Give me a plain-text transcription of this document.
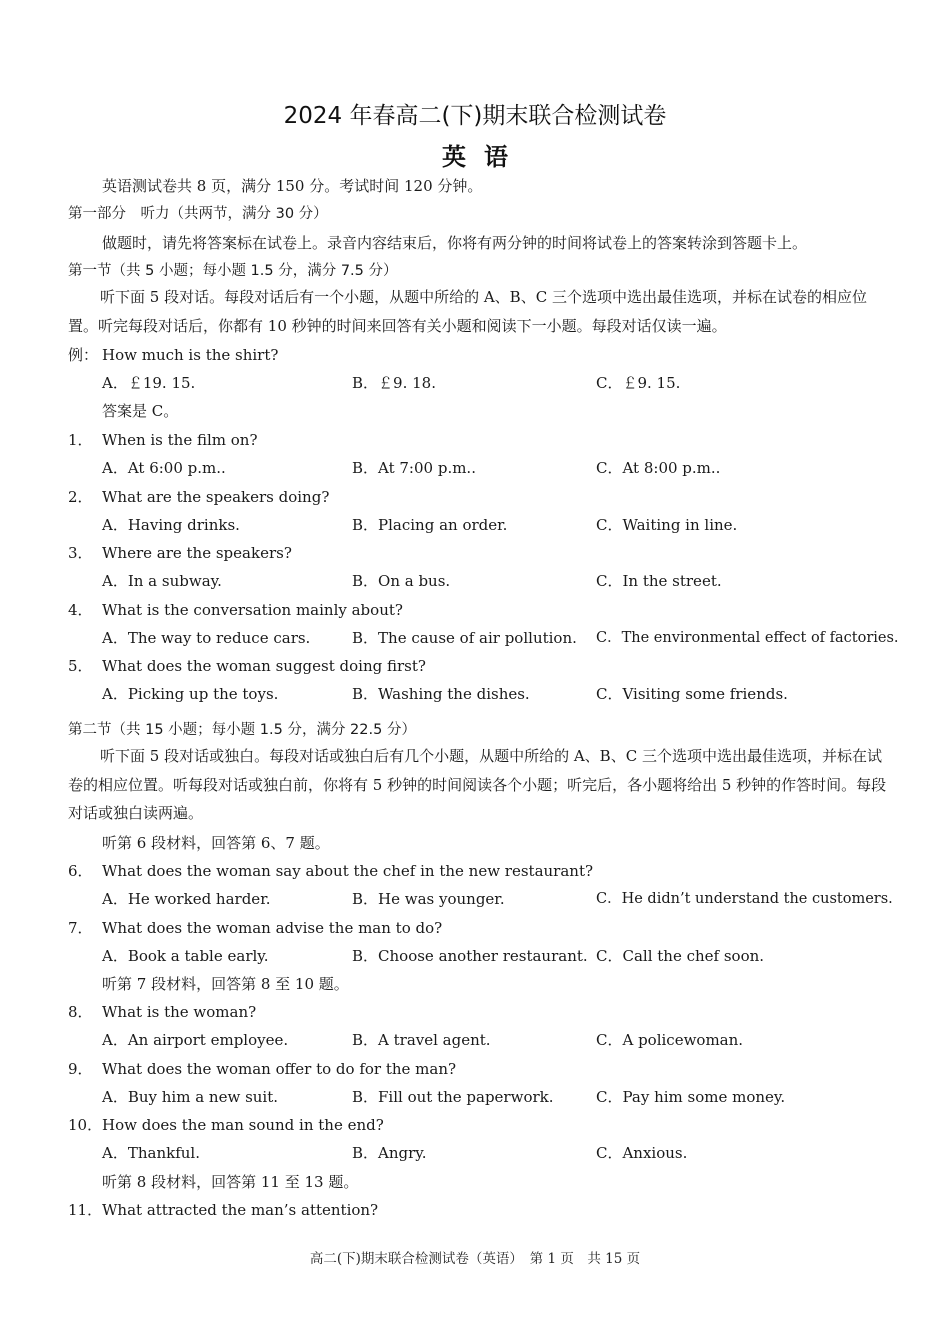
2024 年春高二(下)期末联合检测试卷
英语
英语测试卷共 8 页，满分 150 分。考试时间 120 分钟。
第一部分　听力（共两节，满分 30 分）
做题时，请先将答案标在试卷上。录音内容结束后，你将有两分钟的时间将试卷上的答案转涂到答题卡上。
第一节（共 5 小题；每小题 1.5 分，满分 7.5 分）
听下面 5 段对话。每段对话后有一个小题，从题中所给的 A、B、C 三个选项中选出最佳选项，并标在试卷的相应位置。听完每段对话后，你都有 10 秒钟的时间来回答有关小题和阅读下一小题。每段对话仅读一遍。
例： How much is the shirt?
A．￡19. 15.	B．￡9. 18.	C．￡9. 15.
答案是 C。
1． When is the film on?
A．At 6:00 p.m..	B．At 7:00 p.m..	C．At 8:00 p.m..
2． What are the speakers doing?
A．Having drinks.	B．Placing an order.	C．Waiting in line.
3． Where are the speakers?
A．In a subway.	B．On a bus.	C．In the street.
4． What is the conversation mainly about?
A．The way to reduce cars.	B．The cause of air pollution. C．The environmental effect of factories.
5． What does the woman suggest doing first?
A．Picking up the toys.	B．Washing the dishes.	C．Visiting some friends.
第二节（共 15 小题；每小题 1.5 分，满分 22.5 分）
听下面 5 段对话或独白。每段对话或独白后有几个小题，从题中所给的 A、B、C 三个选项中选出最佳选项，并标在试卷的相应位置。听每段对话或独白前，你将有 5 秒钟的时间阅读各个小题；听完后，各小题将给出 5 秒钟的作答时间。每段对话或独白读两遍。
听第 6 段材料，回答第 6、7 题。
6． What does the woman say about the chef in the new restaurant?
A．He worked harder.	B．He was younger.	C．He didn’t understand the customers.
7． What does the woman advise the man to do?
A．Book a table early.	B．Choose another restaurant. C．Call the chef soon.
听第 7 段材料，回答第 8 至 10 题。
8． What is the woman?
A．An airport employee.	B．A travel agent.	C．A policewoman.
9． What does the woman offer to do for the man?
A．Buy him a new suit.	B．Fill out the paperwork.	C．Pay him some money.
10． How does the man sound in the end?
A．Thankful.	B．Angry.	C．Anxious.
听第 8 段材料，回答第 11 至 13 题。
11． What attracted the man’s attention?
高二(下)期末联合检测试卷（英语）　第 1 页　共 15 页
